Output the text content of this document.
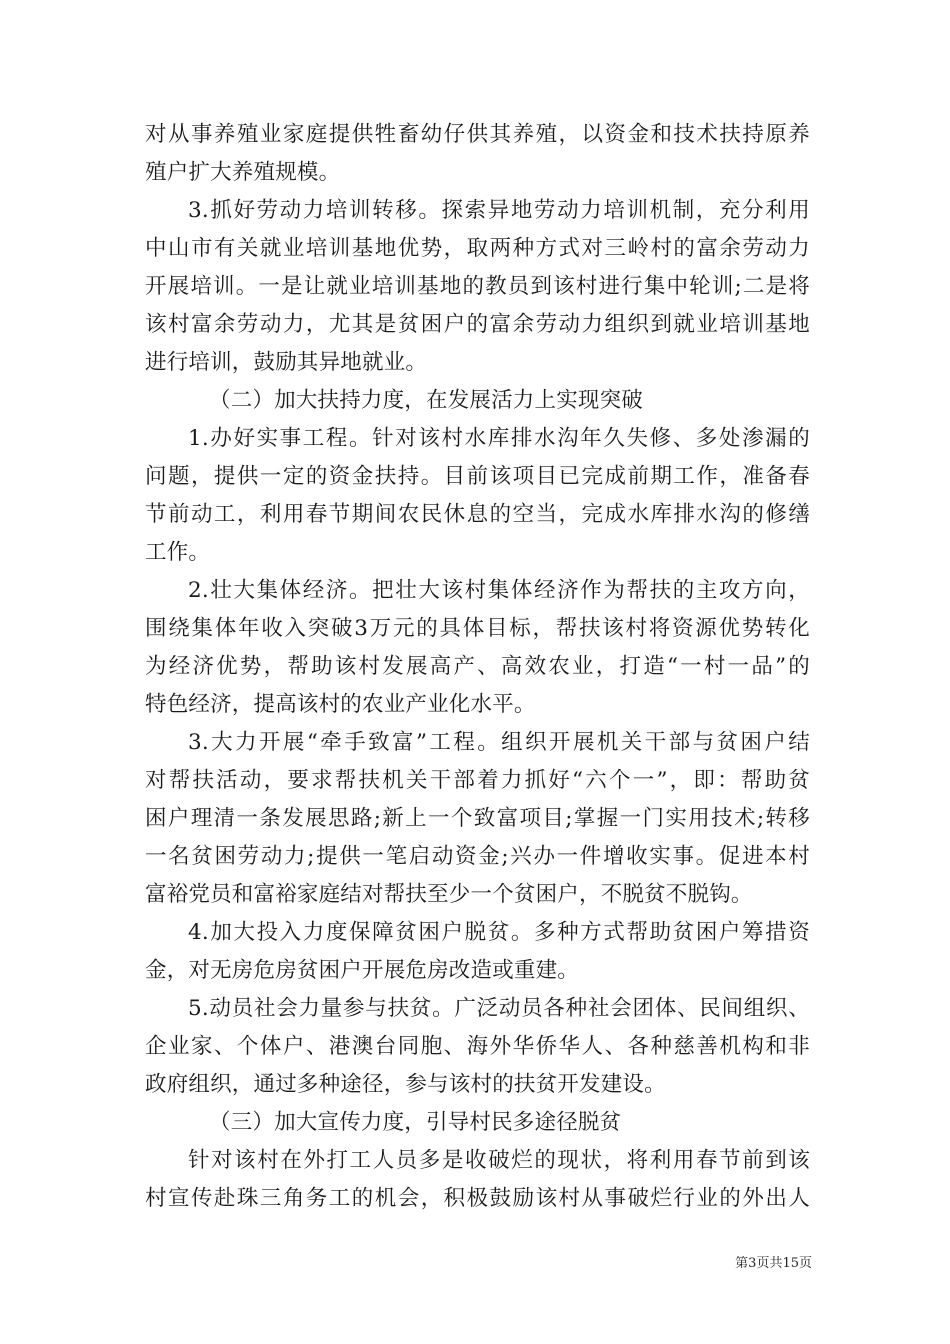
对从事养殖业家庭提供牲畜幼仔供其养殖，以资金和技术扶持原养
殖户扩大养殖规模。
3.抓好劳动力培训转移。探索异地劳动力培训机制，充分利用
中山市有关就业培训基地优势，取两种方式对三岭村的富余劳动力
开展培训。一是让就业培训基地的教员到该村进行集中轮训;二是将
该村富余劳动力，尤其是贫困户的富余劳动力组织到就业培训基地
进行培训，鼓励其异地就业。
（二）加大扶持力度，在发展活力上实现突破
1.办好实事工程。针对该村水库排水沟年久失修、多处渗漏的
问题，提供一定的资金扶持。目前该项目已完成前期工作，准备春
节前动工，利用春节期间农民休息的空当，完成水库排水沟的修缮
工作。
2.壮大集体经济。把壮大该村集体经济作为帮扶的主攻方向，
围绕集体年收入突破3万元的具体目标，帮扶该村将资源优势转化
为经济优势，帮助该村发展高产、高效农业，打造“一村一品”的
特色经济，提高该村的农业产业化水平。
3.大力开展“牵手致富”工程。组织开展机关干部与贫困户结
对帮扶活动，要求帮扶机关干部着力抓好“六个一”，即：帮助贫
困户理清一条发展思路;新上一个致富项目;掌握一门实用技术;转移
一名贫困劳动力;提供一笔启动资金;兴办一件增收实事。促进本村
富裕党员和富裕家庭结对帮扶至少一个贫困户，不脱贫不脱钩。
4.加大投入力度保障贫困户脱贫。多种方式帮助贫困户筹措资
金，对无房危房贫困户开展危房改造或重建。
5.动员社会力量参与扶贫。广泛动员各种社会团体、民间组织、
企业家、个体户、港澳台同胞、海外华侨华人、各种慈善机构和非
政府组织，通过多种途径，参与该村的扶贫开发建设。
（三）加大宣传力度，引导村民多途径脱贫
针对该村在外打工人员多是收破烂的现状，将利用春节前到该
村宣传赴珠三角务工的机会，积极鼓励该村从事破烂行业的外出人
第3页共15页
